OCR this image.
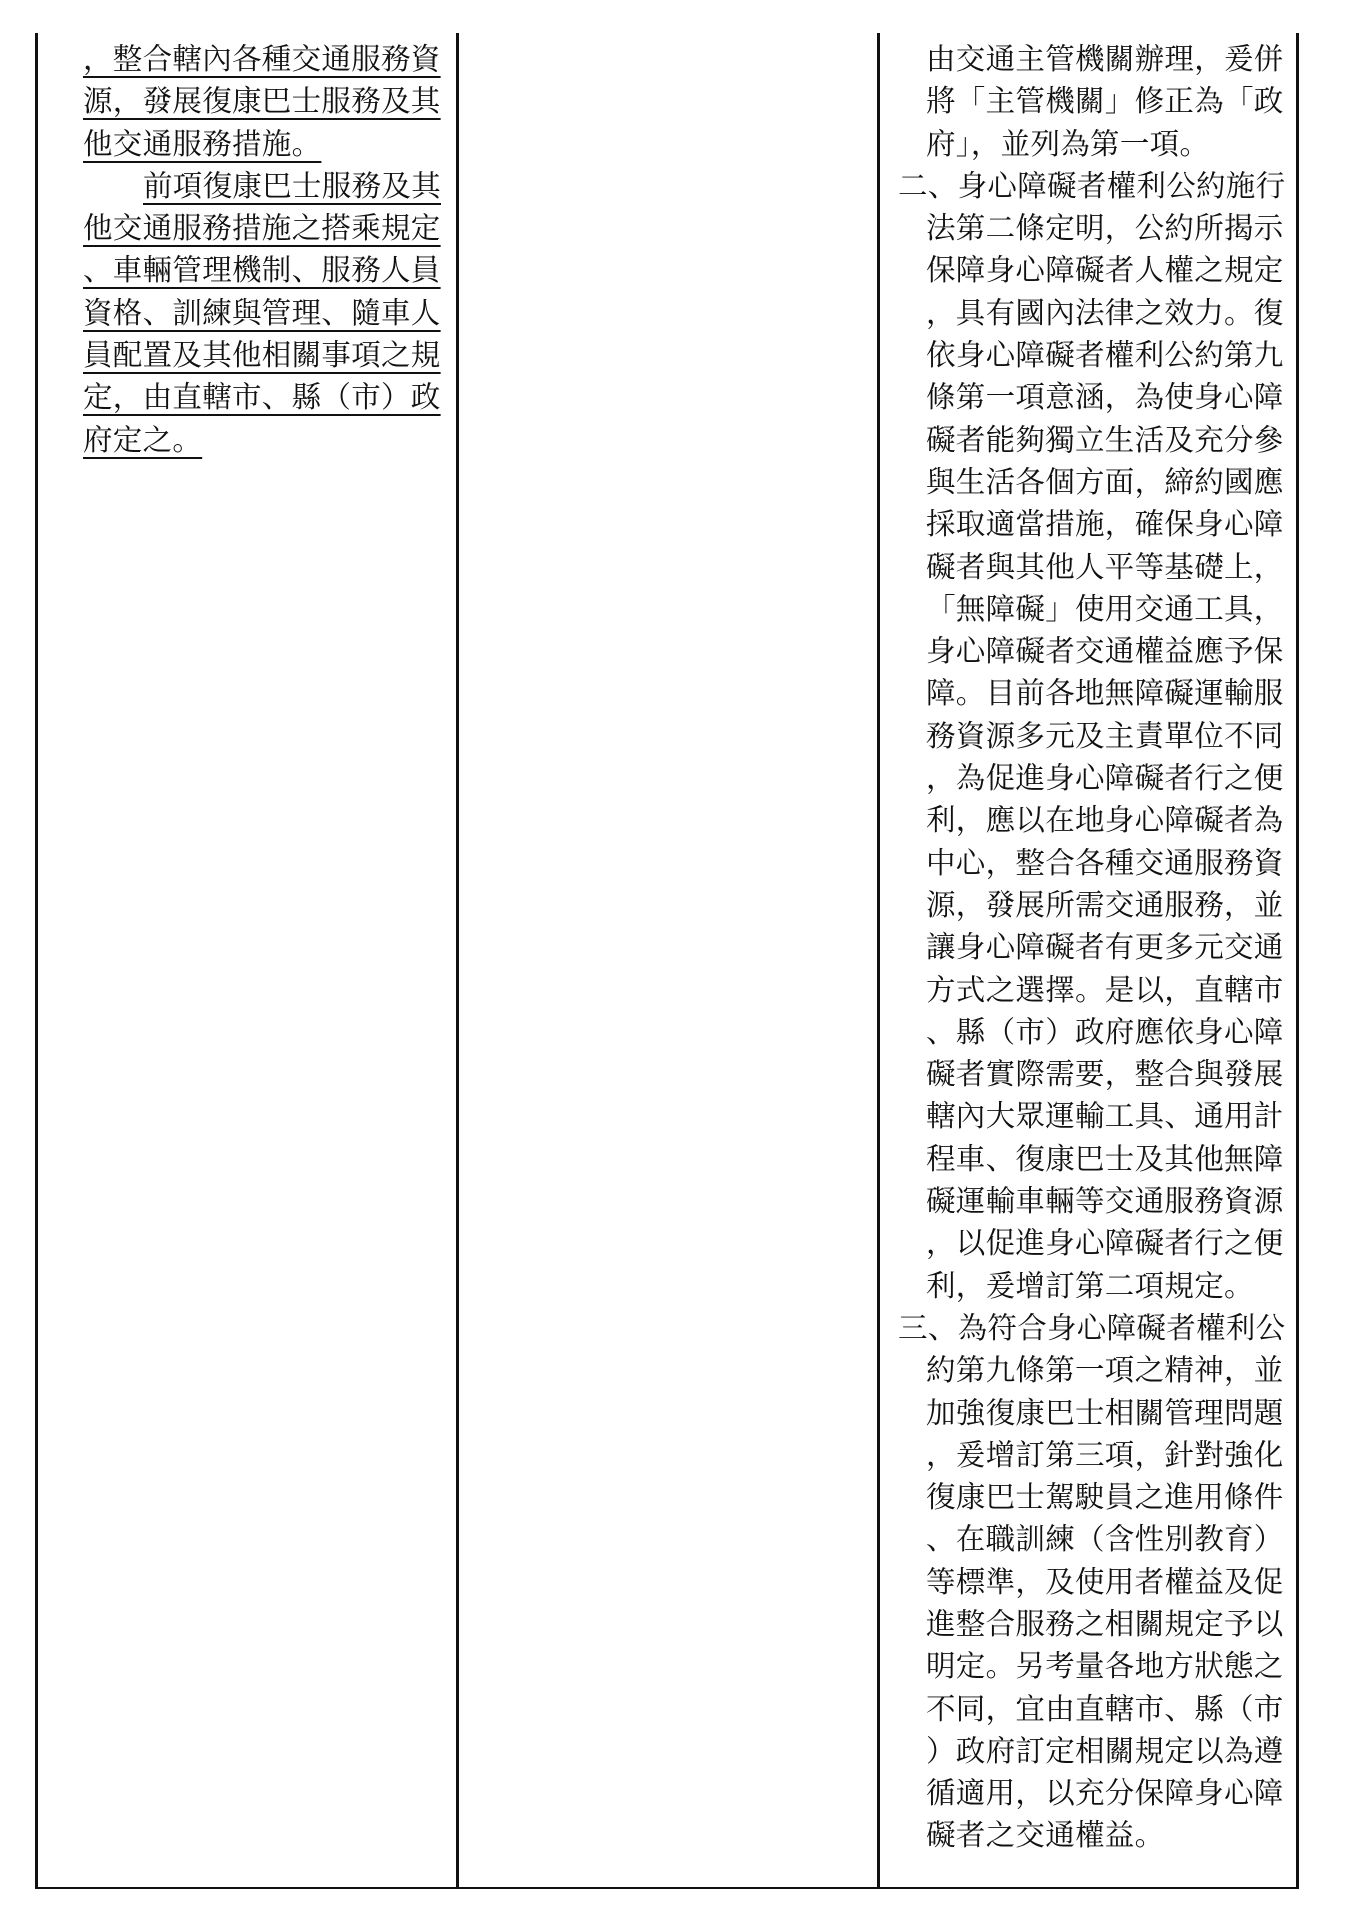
，整合轄內各種交通服務資
源，發展復康巴士服務及其
他交通服務措施。
前項復康巴士服務及其
他交通服務措施之搭乘規定
、車輛管理機制、服務人員
資格、訓練與管理、隨車人
員配置及其他相關事項之規
定，由直轄市、縣（市）政
府定之。
由交通主管機關辦理，爰併
將「主管機關」修正為「政
府」，並列為第一項。
二、身心障礙者權利公約施行
法第二條定明，公約所揭示
保障身心障礙者人權之規定
，具有國內法律之效力。復
依身心障礙者權利公約第九
條第一項意涵，為使身心障
礙者能夠獨立生活及充分參
與生活各個方面，締約國應
採取適當措施，確保身心障
礙者與其他人平等基礎上，
「無障礙」使用交通工具，
身心障礙者交通權益應予保
障。目前各地無障礙運輸服
務資源多元及主責單位不同
，為促進身心障礙者行之便
利，應以在地身心障礙者為
中心，整合各種交通服務資
源，發展所需交通服務，並
讓身心障礙者有更多元交通
方式之選擇。是以，直轄市
、縣（市）政府應依身心障
礙者實際需要，整合與發展
轄內大眾運輸工具、通用計
程車、復康巴士及其他無障
礙運輸車輛等交通服務資源
，以促進身心障礙者行之便
利，爰增訂第二項規定。
三、為符合身心障礙者權利公
約第九條第一項之精神，並
加強復康巴士相關管理問題
，爰增訂第三項，針對強化
復康巴士駕駛員之進用條件
、在職訓練（含性別教育）
等標準，及使用者權益及促
進整合服務之相關規定予以
明定。另考量各地方狀態之
不同，宜由直轄市、縣（市
）政府訂定相關規定以為遵
循適用，以充分保障身心障
礙者之交通權益。
